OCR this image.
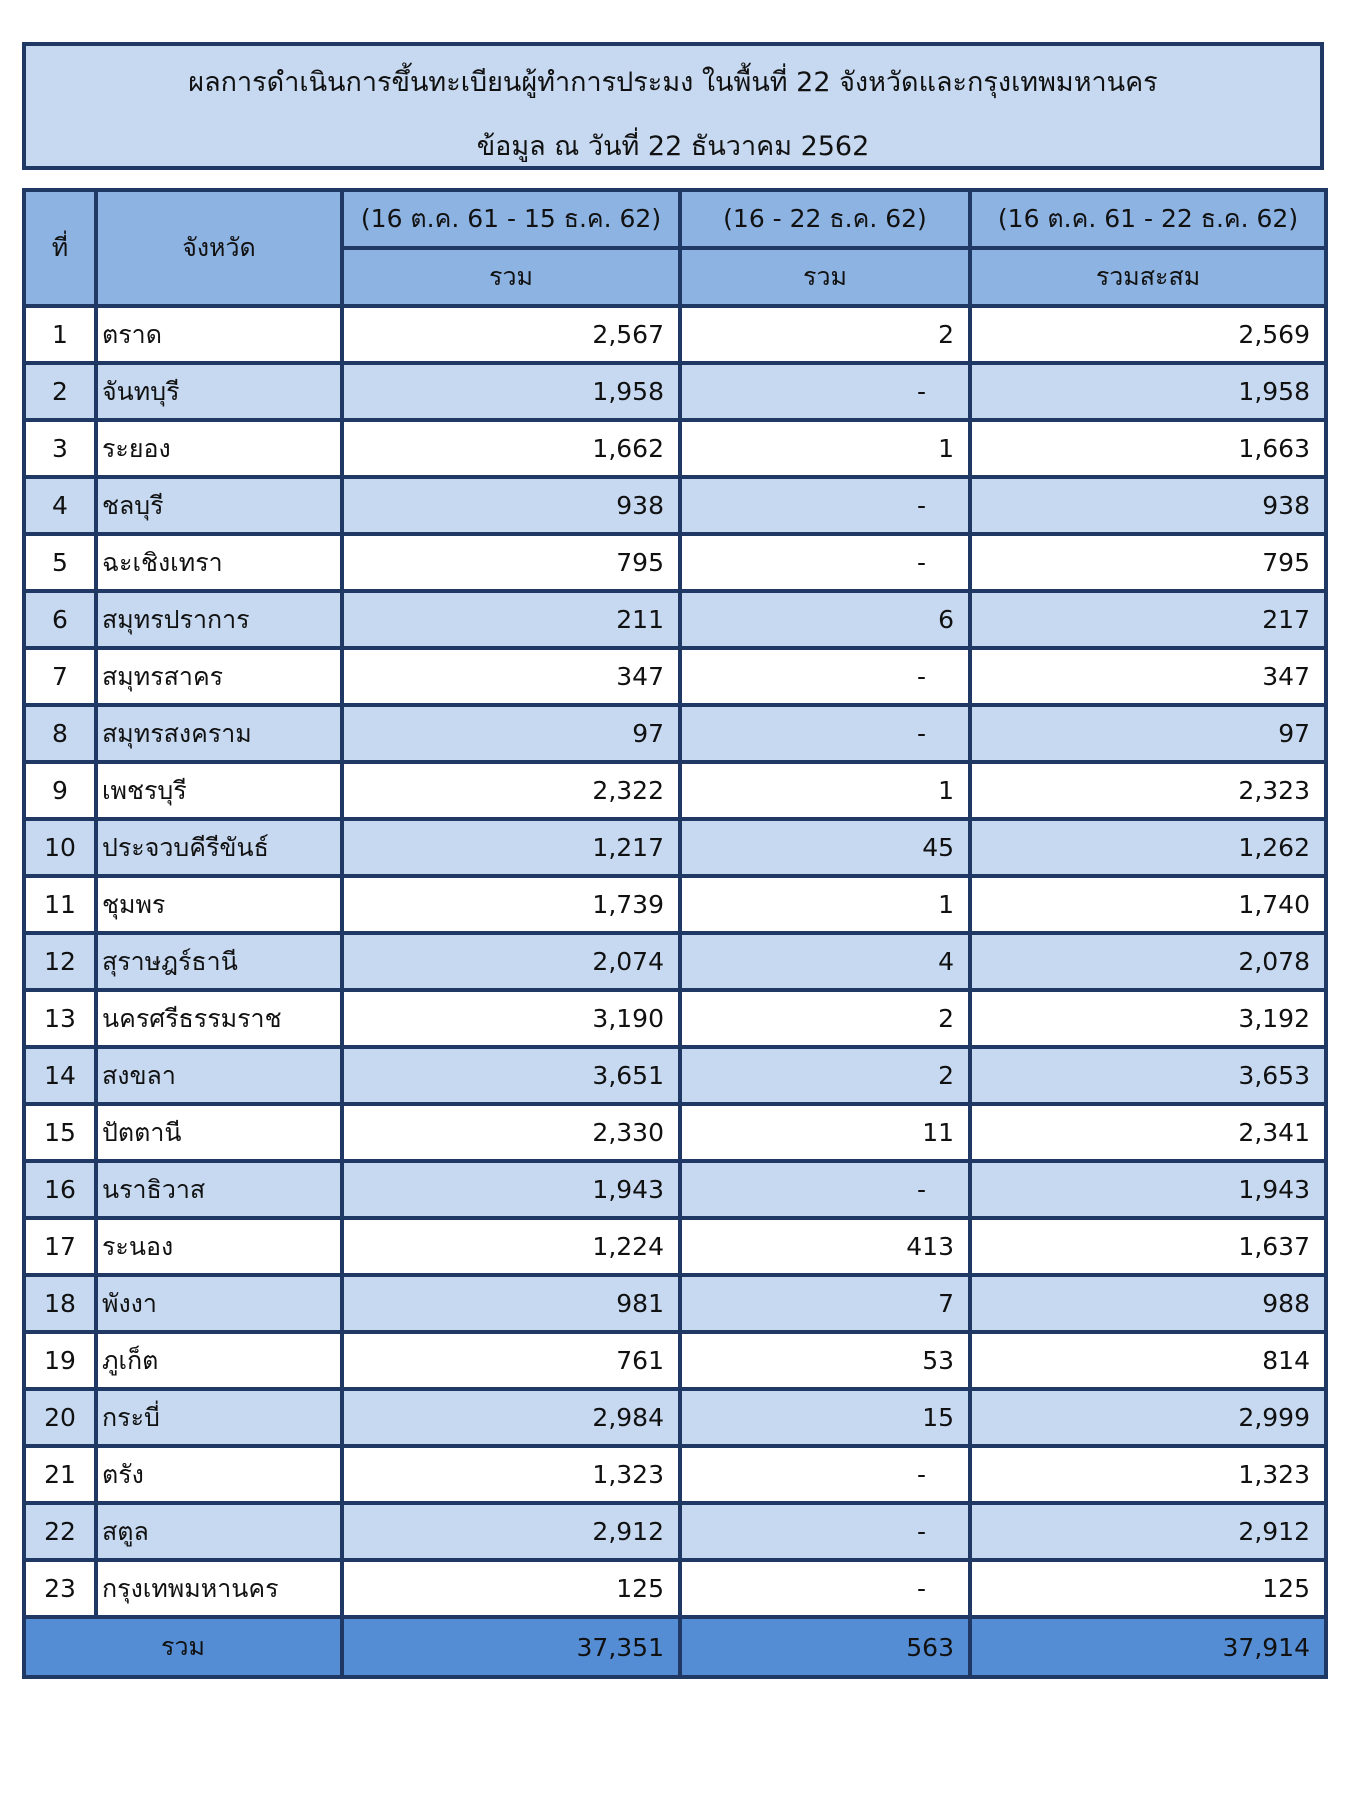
ผลการดำเนินการขึ้นทะเบียนผู้ทำการประมง ในพื้นที่ 22 จังหวัดและกรุงเทพมหานคร
ข้อมูล ณ วันที่ 22 ธันวาคม 2562
ที่	จังหวัด	(16 ต.ค. 61 - 15 ธ.ค. 62)	(16 - 22 ธ.ค. 62)	(16 ต.ค. 61 - 22 ธ.ค. 62)
		รวม	รวม	รวมสะสม
1	ตราด	2,567	2	2,569
2	จันทบุรี	1,958	-	1,958
3	ระยอง	1,662	1	1,663
4	ชลบุรี	938	-	938
5	ฉะเชิงเทรา	795	-	795
6	สมุทรปราการ	211	6	217
7	สมุทรสาคร	347	-	347
8	สมุทรสงคราม	97	-	97
9	เพชรบุรี	2,322	1	2,323
10	ประจวบคีรีขันธ์	1,217	45	1,262
11	ชุมพร	1,739	1	1,740
12	สุราษฎร์ธานี	2,074	4	2,078
13	นครศรีธรรมราช	3,190	2	3,192
14	สงขลา	3,651	2	3,653
15	ปัตตานี	2,330	11	2,341
16	นราธิวาส	1,943	-	1,943
17	ระนอง	1,224	413	1,637
18	พังงา	981	7	988
19	ภูเก็ต	761	53	814
20	กระบี่	2,984	15	2,999
21	ตรัง	1,323	-	1,323
22	สตูล	2,912	-	2,912
23	กรุงเทพมหานคร	125	-	125
รวม		37,351	563	37,914
